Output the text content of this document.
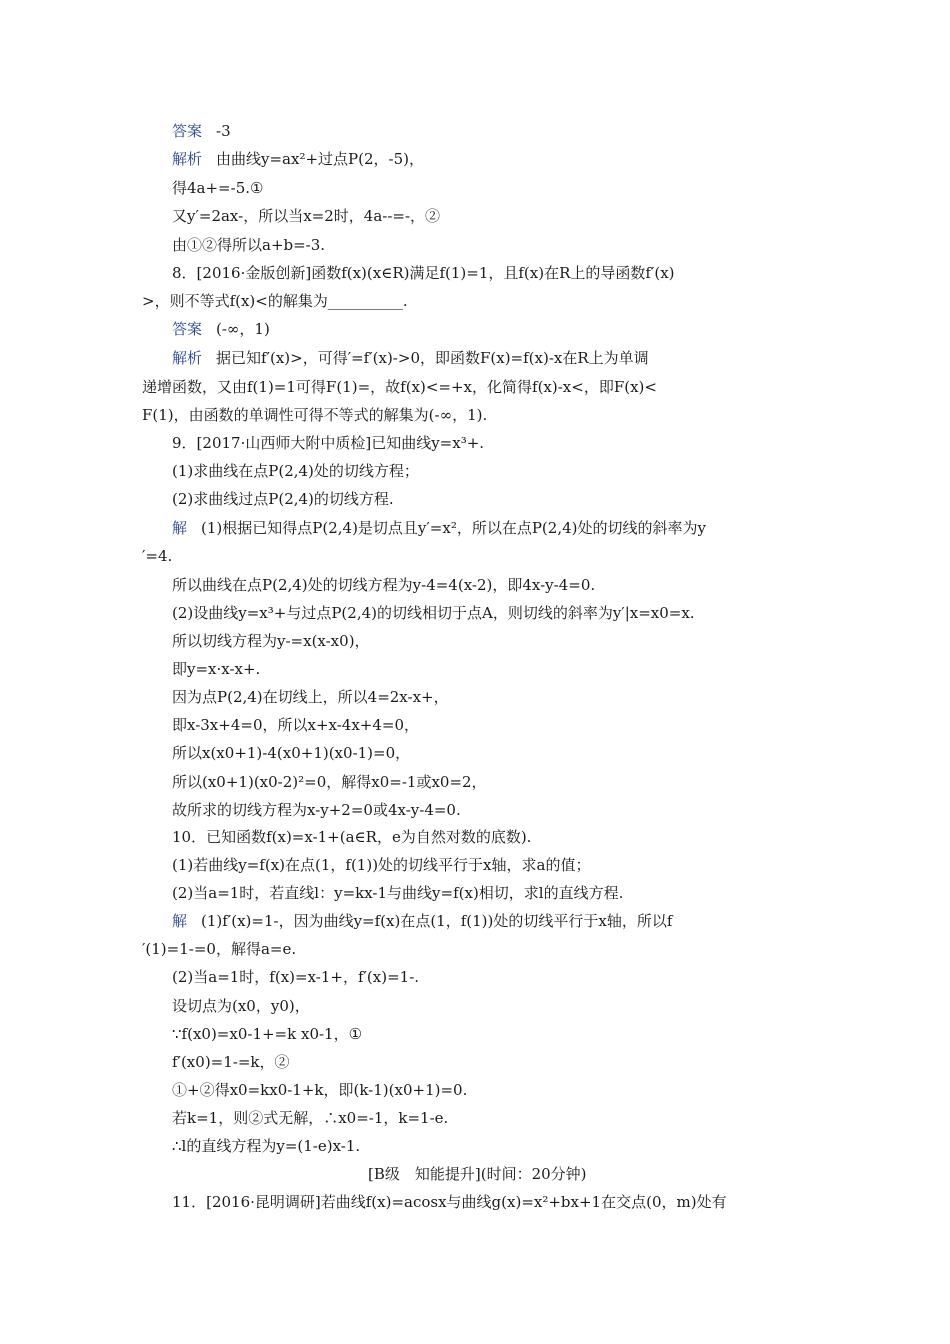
答案 -3
解析 由曲线y=ax²+过点P(2，-5)，
得4a+=-5.①
又y′=2ax-，所以当x=2时，4a--=-，②
由①②得所以a+b=-3.
8．[2016·金版创新]函数f(x)(x∈R)满足f(1)=1，且f(x)在R上的导函数f′(x)
>，则不等式f(x)<的解集为__________.
答案 (-∞，1)
解析 据已知f′(x)>，可得′=f′(x)->0，即函数F(x)=f(x)-x在R上为单调
递增函数，又由f(1)=1可得F(1)=，故f(x)<=+x，化简得f(x)-x<，即F(x)<
F(1)，由函数的单调性可得不等式的解集为(-∞，1).
9．[2017·山西师大附中质检]已知曲线y=x³+.
(1)求曲线在点P(2,4)处的切线方程；
(2)求曲线过点P(2,4)的切线方程.
解 (1)根据已知得点P(2,4)是切点且y′=x²，所以在点P(2,4)处的切线的斜率为y
′=4.
所以曲线在点P(2,4)处的切线方程为y-4=4(x-2)，即4x-y-4=0.
(2)设曲线y=x³+与过点P(2,4)的切线相切于点A，则切线的斜率为y′|x=x0=x.
所以切线方程为y-=x(x-x0)，
即y=x·x-x+.
因为点P(2,4)在切线上，所以4=2x-x+，
即x-3x+4=0，所以x+x-4x+4=0，
所以x(x0+1)-4(x0+1)(x0-1)=0，
所以(x0+1)(x0-2)²=0，解得x0=-1或x0=2，
故所求的切线方程为x-y+2=0或4x-y-4=0.
10．已知函数f(x)=x-1+(a∈R，e为自然对数的底数).
(1)若曲线y=f(x)在点(1，f(1))处的切线平行于x轴，求a的值；
(2)当a=1时，若直线l：y=kx-1与曲线y=f(x)相切，求l的直线方程.
解 (1)f′(x)=1-，因为曲线y=f(x)在点(1，f(1))处的切线平行于x轴，所以f
′(1)=1-=0，解得a=e.
(2)当a=1时，f(x)=x-1+，f′(x)=1-.
设切点为(x0，y0)，
∵f(x0)=x0-1+=k x0-1，①
f′(x0)=1-=k，②
①+②得x0=kx0-1+k，即(k-1)(x0+1)=0.
若k=1，则②式无解，∴x0=-1，k=1-e.
∴l的直线方程为y=(1-e)x-1.
[B级　知能提升](时间：20分钟)
11．[2016·昆明调研]若曲线f(x)=acosx与曲线g(x)=x²+bx+1在交点(0，m)处有
